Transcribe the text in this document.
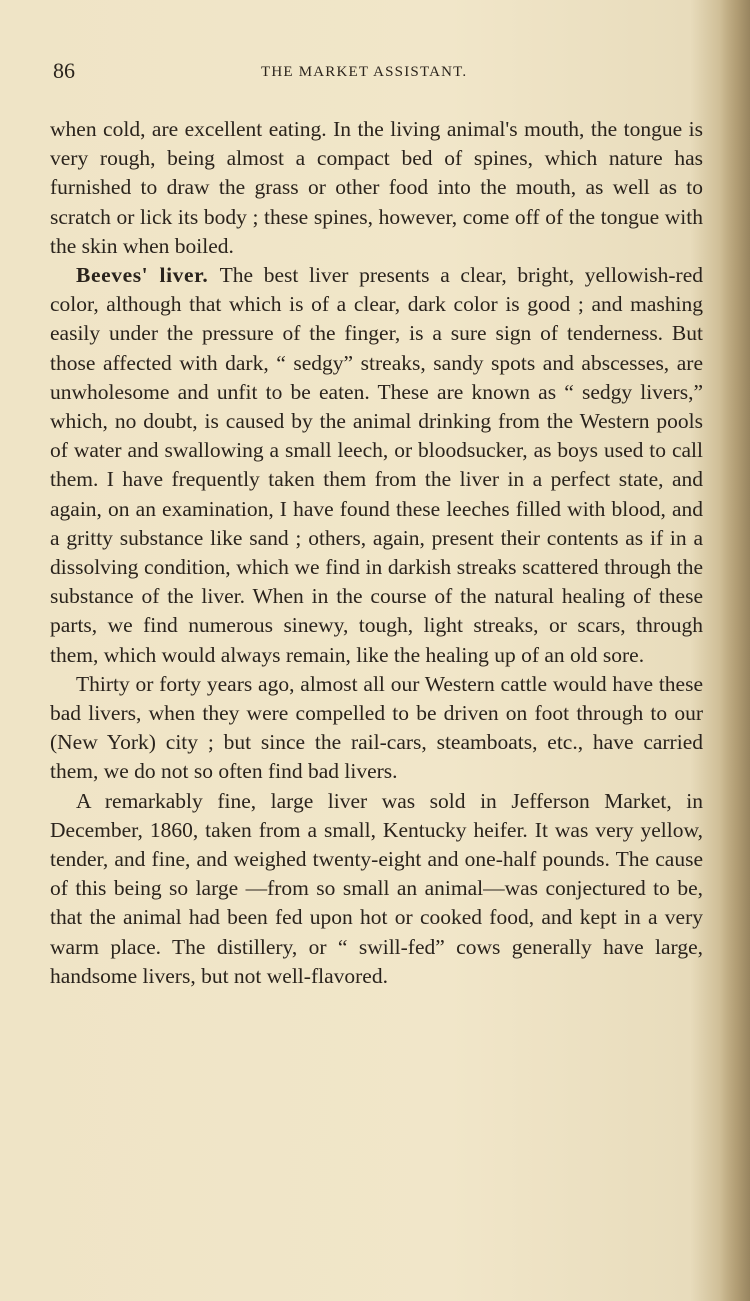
86	THE MARKET ASSISTANT.

when cold, are excellent eating. In the living animal's mouth, the tongue is very rough, being almost a compact bed of spines, which nature has furnished to draw the grass or other food into the mouth, as well as to scratch or lick its body ; these spines, however, come off of the tongue with the skin when boiled.

Beeves' liver. The best liver presents a clear, bright, yellowish-red color, although that which is of a clear, dark color is good ; and mashing easily under the pressure of the finger, is a sure sign of tenderness. But those affected with dark, “ sedgy” streaks, sandy spots and abscesses, are unwholesome and unfit to be eaten. These are known as “ sedgy livers,” which, no doubt, is caused by the animal drinking from the Western pools of water and swallowing a small leech, or bloodsucker, as boys used to call them. I have frequently taken them from the liver in a perfect state, and again, on an examination, I have found these leeches filled with blood, and a gritty substance like sand ; others, again, present their contents as if in a dissolving condition, which we find in darkish streaks scattered through the substance of the liver. When in the course of the natural healing of these parts, we find numerous sinewy, tough, light streaks, or scars, through them, which would always remain, like the healing up of an old sore.

Thirty or forty years ago, almost all our Western cattle would have these bad livers, when they were compelled to be driven on foot through to our (New York) city ; but since the rail-cars, steamboats, etc., have carried them, we do not so often find bad livers.

A remarkably fine, large liver was sold in Jefferson Market, in December, 1860, taken from a small, Kentucky heifer. It was very yellow, tender, and fine, and weighed twenty-eight and one-half pounds. The cause of this being so large —from so small an animal—was conjectured to be, that the animal had been fed upon hot or cooked food, and kept in a very warm place. The distillery, or “ swill-fed” cows generally have large, handsome livers, but not well-flavored.
